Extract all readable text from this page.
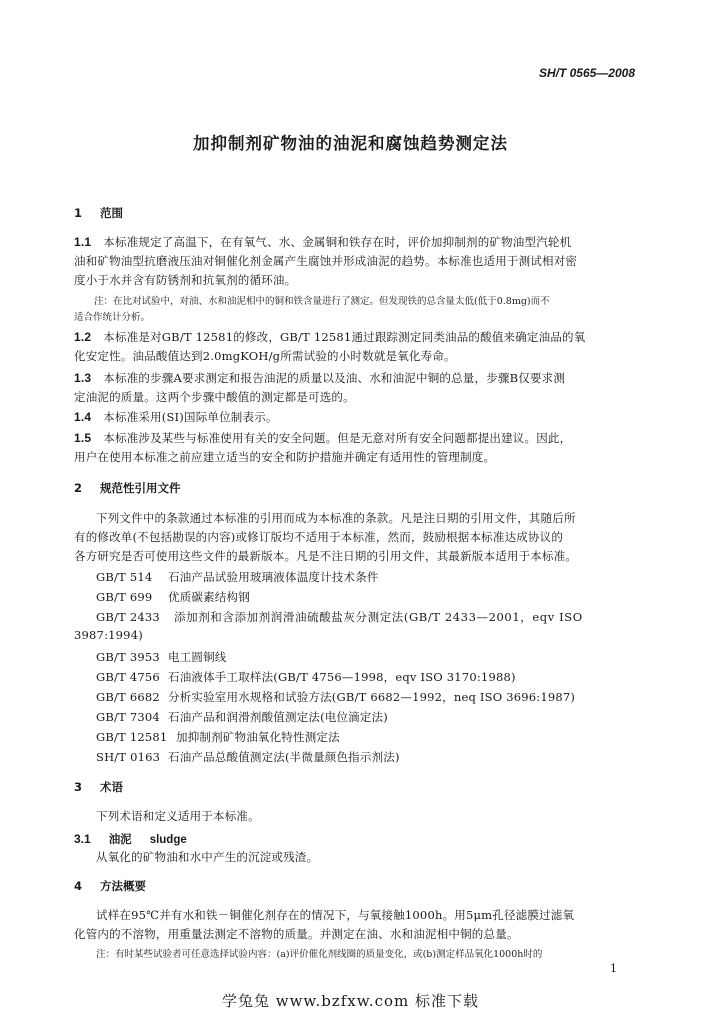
SH/T 0565—2008
加抑制剂矿物油的油泥和腐蚀趋势测定法
1 范围
1.1 本标准规定了高温下，在有氧气、水、金属铜和铁存在时，评价加抑制剂的矿物油型汽轮机
油和矿物油型抗磨液压油对铜催化剂金属产生腐蚀并形成油泥的趋势。本标准也适用于测试相对密
度小于水并含有防锈剂和抗氧剂的循环油。
注：在比对试验中，对油、水和油泥相中的铜和铁含量进行了测定。但发现铁的总含量太低(低于0.8mg)而不
适合作统计分析。
1.2 本标准是对GB/T 12581的修改，GB/T 12581通过跟踪测定同类油品的酸值来确定油品的氧
化安定性。油品酸值达到2.0mgKOH/g所需试验的小时数就是氧化寿命。
1.3 本标准的步骤A要求测定和报告油泥的质量以及油、水和油泥中铜的总量，步骤B仅要求测
定油泥的质量。这两个步骤中酸值的测定都是可选的。
1.4 本标准采用(SI)国际单位制表示。
1.5 本标准涉及某些与标准使用有关的安全问题。但是无意对所有安全问题都提出建议。因此，
用户在使用本标准之前应建立适当的安全和防护措施并确定有适用性的管理制度。
2 规范性引用文件
下列文件中的条款通过本标准的引用而成为本标准的条款。凡是注日期的引用文件，其随后所
有的修改单(不包括勘误的内容)或修订版均不适用于本标准，然而，鼓励根据本标准达成协议的
各方研究是否可使用这些文件的最新版本。凡是不注日期的引用文件，其最新版本适用于本标准。
GB/T 514 石油产品试验用玻璃液体温度计技术条件
GB/T 699 优质碳素结构钢
GB/T 2433 添加剂和含添加剂润滑油硫酸盐灰分测定法(GB/T 2433—2001，eqv ISO
3987:1994)
GB/T 3953 电工圆铜线
GB/T 4756 石油液体手工取样法(GB/T 4756—1998，eqv ISO 3170:1988)
GB/T 6682 分析实验室用水规格和试验方法(GB/T 6682—1992，neq ISO 3696:1987)
GB/T 7304 石油产品和润滑剂酸值测定法(电位滴定法)
GB/T 12581 加抑制剂矿物油氧化特性测定法
SH/T 0163 石油产品总酸值测定法(半微量颜色指示剂法)
3 术语
下列术语和定义适用于本标准。
3.1 油泥 sludge
从氧化的矿物油和水中产生的沉淀或残渣。
4 方法概要
试样在95℃并有水和铁－铜催化剂存在的情况下，与氧接触1000h。用5μm孔径滤膜过滤氧
化管内的不溶物，用重量法测定不溶物的质量。并测定在油、水和油泥相中铜的总量。
注：有时某些试验者可任意选择试验内容：(a)评价催化剂线圈的质量变化，或(b)测定样品氧化1000h时的
1
学兔兔 www.bzfxw.com 标准下载
